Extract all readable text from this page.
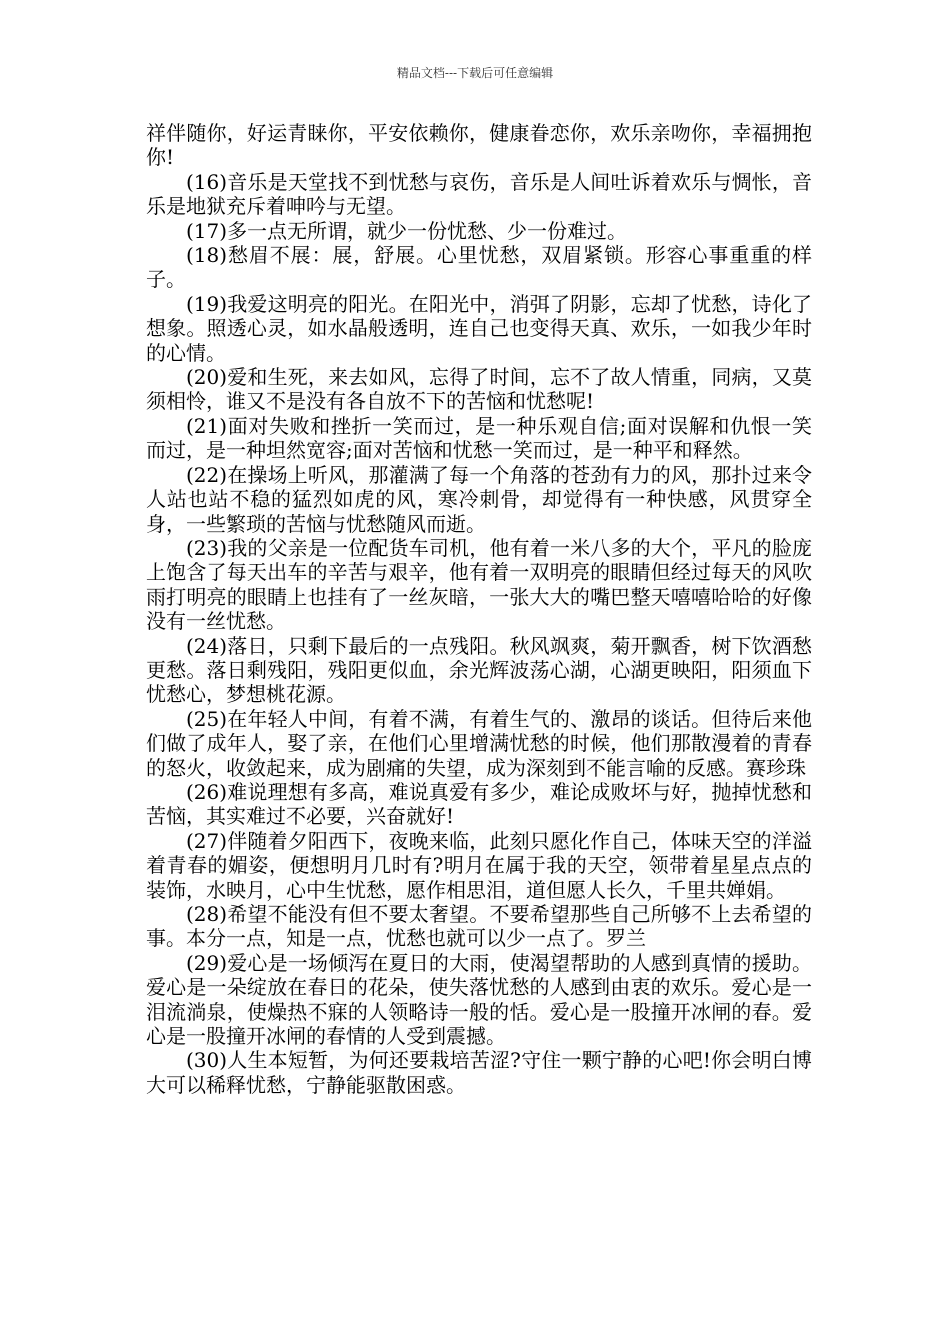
精品文档---下载后可任意编辑

祥伴随你，好运青睐你，平安依赖你，健康眷恋你，欢乐亲吻你，幸福拥抱你!

(16)音乐是天堂找不到忧愁与哀伤，音乐是人间吐诉着欢乐与惆怅，音乐是地狱充斥着呻吟与无望。

(17)多一点无所谓，就少一份忧愁、少一份难过。

(18)愁眉不展：展，舒展。心里忧愁，双眉紧锁。形容心事重重的样子。

(19)我爱这明亮的阳光。在阳光中，消弭了阴影，忘却了忧愁，诗化了想象。照透心灵，如水晶般透明，连自己也变得天真、欢乐，一如我少年时的心情。

(20)爱和生死，来去如风，忘得了时间，忘不了故人情重，同病，又莫须相怜，谁又不是没有各自放不下的苦恼和忧愁呢!

(21)面对失败和挫折一笑而过，是一种乐观自信;面对误解和仇恨一笑而过，是一种坦然宽容;面对苦恼和忧愁一笑而过，是一种平和释然。

(22)在操场上听风，那灌满了每一个角落的苍劲有力的风，那扑过来令人站也站不稳的猛烈如虎的风，寒冷刺骨，却觉得有一种快感，风贯穿全身，一些繁琐的苦恼与忧愁随风而逝。

(23)我的父亲是一位配货车司机，他有着一米八多的大个，平凡的脸庞上饱含了每天出车的辛苦与艰辛，他有着一双明亮的眼睛但经过每天的风吹雨打明亮的眼睛上也挂有了一丝灰暗，一张大大的嘴巴整天嘻嘻哈哈的好像没有一丝忧愁。

(24)落日，只剩下最后的一点残阳。秋风飒爽，菊开飘香，树下饮酒愁更愁。落日剩残阳，残阳更似血，余光辉波荡心湖，心湖更映阳，阳须血下忧愁心，梦想桃花源。

(25)在年轻人中间，有着不满，有着生气的、激昂的谈话。但待后来他们做了成年人，娶了亲，在他们心里增满忧愁的时候，他们那散漫着的青春的怒火，收敛起来，成为剧痛的失望，成为深刻到不能言喻的反感。赛珍珠

(26)难说理想有多高，难说真爱有多少，难论成败坏与好，抛掉忧愁和苦恼，其实难过不必要，兴奋就好!

(27)伴随着夕阳西下，夜晚来临，此刻只愿化作自己，体味天空的洋溢着青春的媚姿，便想明月几时有?明月在属于我的天空，领带着星星点点的装饰，水映月，心中生忧愁，愿作相思泪，道但愿人长久，千里共婵娟。

(28)希望不能没有但不要太奢望。不要希望那些自己所够不上去希望的事。本分一点，知是一点，忧愁也就可以少一点了。罗兰

(29)爱心是一场倾泻在夏日的大雨，使渴望帮助的人感到真情的援助。爱心是一朵绽放在春日的花朵，使失落忧愁的人感到由衷的欢乐。爱心是一泪流淌泉，使燥热不寐的人领略诗一般的恬。爱心是一股撞开冰闸的春。爱心是一股撞开冰闸的春情的人受到震撼。

(30)人生本短暂，为何还要栽培苦涩?守住一颗宁静的心吧!你会明白博大可以稀释忧愁，宁静能驱散困惑。
